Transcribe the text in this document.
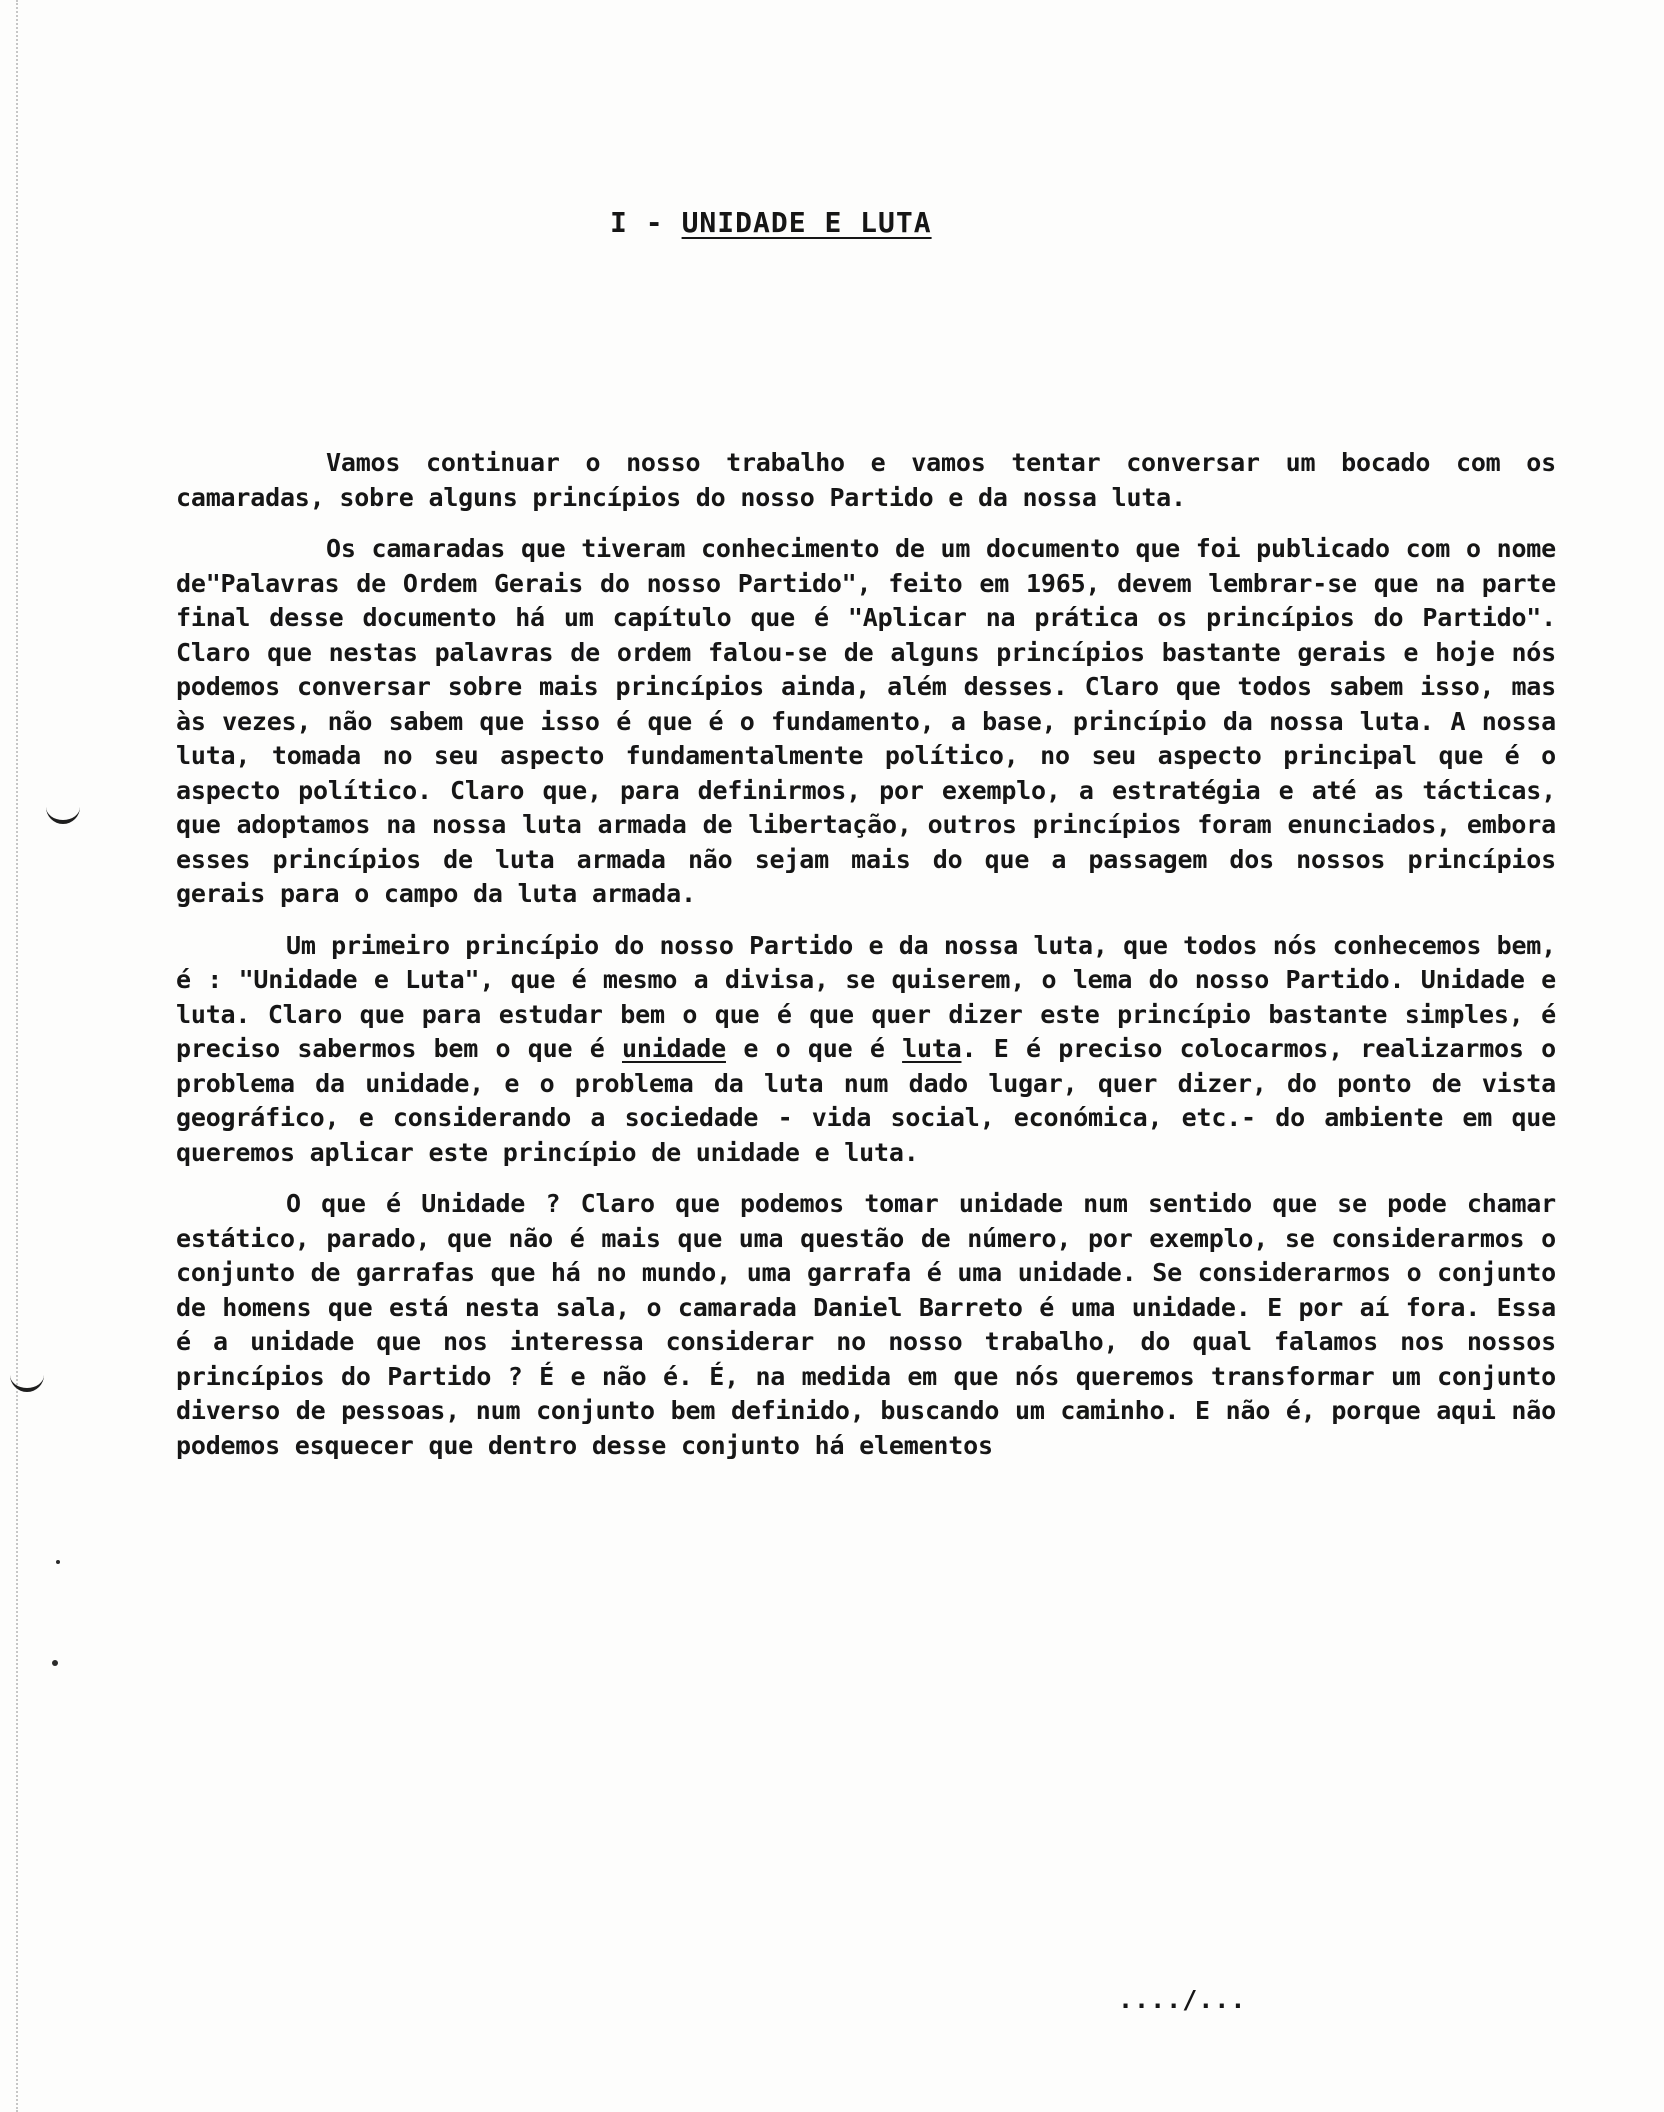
I - UNIDADE E LUTA

Vamos continuar o nosso trabalho e vamos tentar conversar um bocado com os camaradas, sobre alguns princípios do nosso Partido e da nossa luta.

Os camaradas que tiveram conhecimento de um documento que foi publicado com o nome de"Palavras de Ordem Gerais do nosso Partido", feito em 1965, devem lembrar-se que na parte final desse documento há um capítulo que é "Aplicar na prática os princípios do Partido". Claro que nestas palavras de ordem falou-se de alguns princípios bastante gerais e hoje nós podemos conversar sobre mais princípios ainda, além desses. Claro que todos sabem isso, mas às vezes, não sabem que isso é que é o fundamento, a base, princípio da nossa luta. A nossa luta, tomada no seu aspecto fundamentalmente político, no seu aspecto principal que é o aspecto político. Claro que, para definirmos, por exemplo, a estratégia e até as tácticas, que adoptamos na nossa luta armada de libertação, outros princípios foram enunciados, embora esses princípios de luta armada não sejam mais do que a passagem dos nossos princípios gerais para o campo da luta armada.

Um primeiro princípio do nosso Partido e da nossa luta, que todos nós conhecemos bem, é : "Unidade e Luta", que é mesmo a divisa, se quiserem, o lema do nosso Partido. Unidade e luta. Claro que para estudar bem o que é que quer dizer este princípio bastante simples, é preciso sabermos bem o que é unidade e o que é luta. E é preciso colocarmos, realizarmos o problema da unidade, e o problema da luta num dado lugar, quer dizer, do ponto de vista geográfico, e considerando a sociedade - vida social, económica, etc.- do ambiente em que queremos aplicar este princípio de unidade e luta.

O que é Unidade ? Claro que podemos tomar unidade num sentido que se pode chamar estático, parado, que não é mais que uma questão de número, por exemplo, se considerarmos o conjunto de garrafas que há no mundo, uma garrafa é uma unidade. Se considerarmos o conjunto de homens que está nesta sala, o camarada Daniel Barreto é uma unidade. E por aí fora. Essa é a unidade que nos interessa considerar no nosso trabalho, do qual falamos nos nossos princípios do Partido ? É e não é. É, na medida em que nós queremos transformar um conjunto diverso de pessoas, num conjunto bem definido, buscando um caminho. E não é, porque aqui não podemos esquecer que dentro desse conjunto há elementos

..../...
